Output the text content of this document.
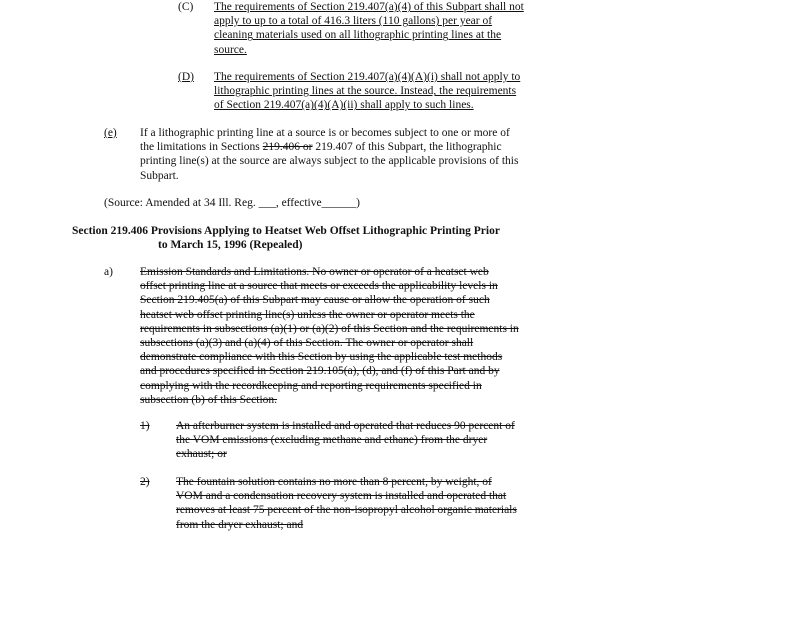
(C) The requirements of Section 219.407(a)(4) of this Subpart shall not
apply to up to a total of 416.3 liters (110 gallons) per year of
cleaning materials used on all lithographic printing lines at the
source.
(D) The requirements of Section 219.407(a)(4)(A)(i) shall not apply to
lithographic printing lines at the source. Instead, the requirements
of Section 219.407(a)(4)(A)(ii) shall apply to such lines.
(e) If a lithographic printing line at a source is or becomes subject to one or more of
the limitations in Sections 219.406 or 219.407 of this Subpart, the lithographic
printing line(s) at the source are always subject to the applicable provisions of this
Subpart.
(Source: Amended at 34 Ill. Reg. ___, effective______)
Section 219.406 Provisions Applying to Heatset Web Offset Lithographic Printing Prior
to March 15, 1996 (Repealed)
a) Emission Standards and Limitations. No owner or operator of a heatset web
offset printing line at a source that meets or exceeds the applicability levels in
Section 219.405(a) of this Subpart may cause or allow the operation of such
heatset web offset printing line(s) unless the owner or operator meets the
requirements in subsections (a)(1) or (a)(2) of this Section and the requirements in
subsections (a)(3) and (a)(4) of this Section. The owner or operator shall
demonstrate compliance with this Section by using the applicable test methods
and procedures specified in Section 219.105(a), (d), and (f) of this Part and by
complying with the recordkeeping and reporting requirements specified in
subsection (b) of this Section.
1) An afterburner system is installed and operated that reduces 90 percent of
the VOM emissions (excluding methane and ethane) from the dryer
exhaust; or
2) The fountain solution contains no more than 8 percent, by weight, of
VOM and a condensation recovery system is installed and operated that
removes at least 75 percent of the non-isopropyl alcohol organic materials
from the dryer exhaust; and
